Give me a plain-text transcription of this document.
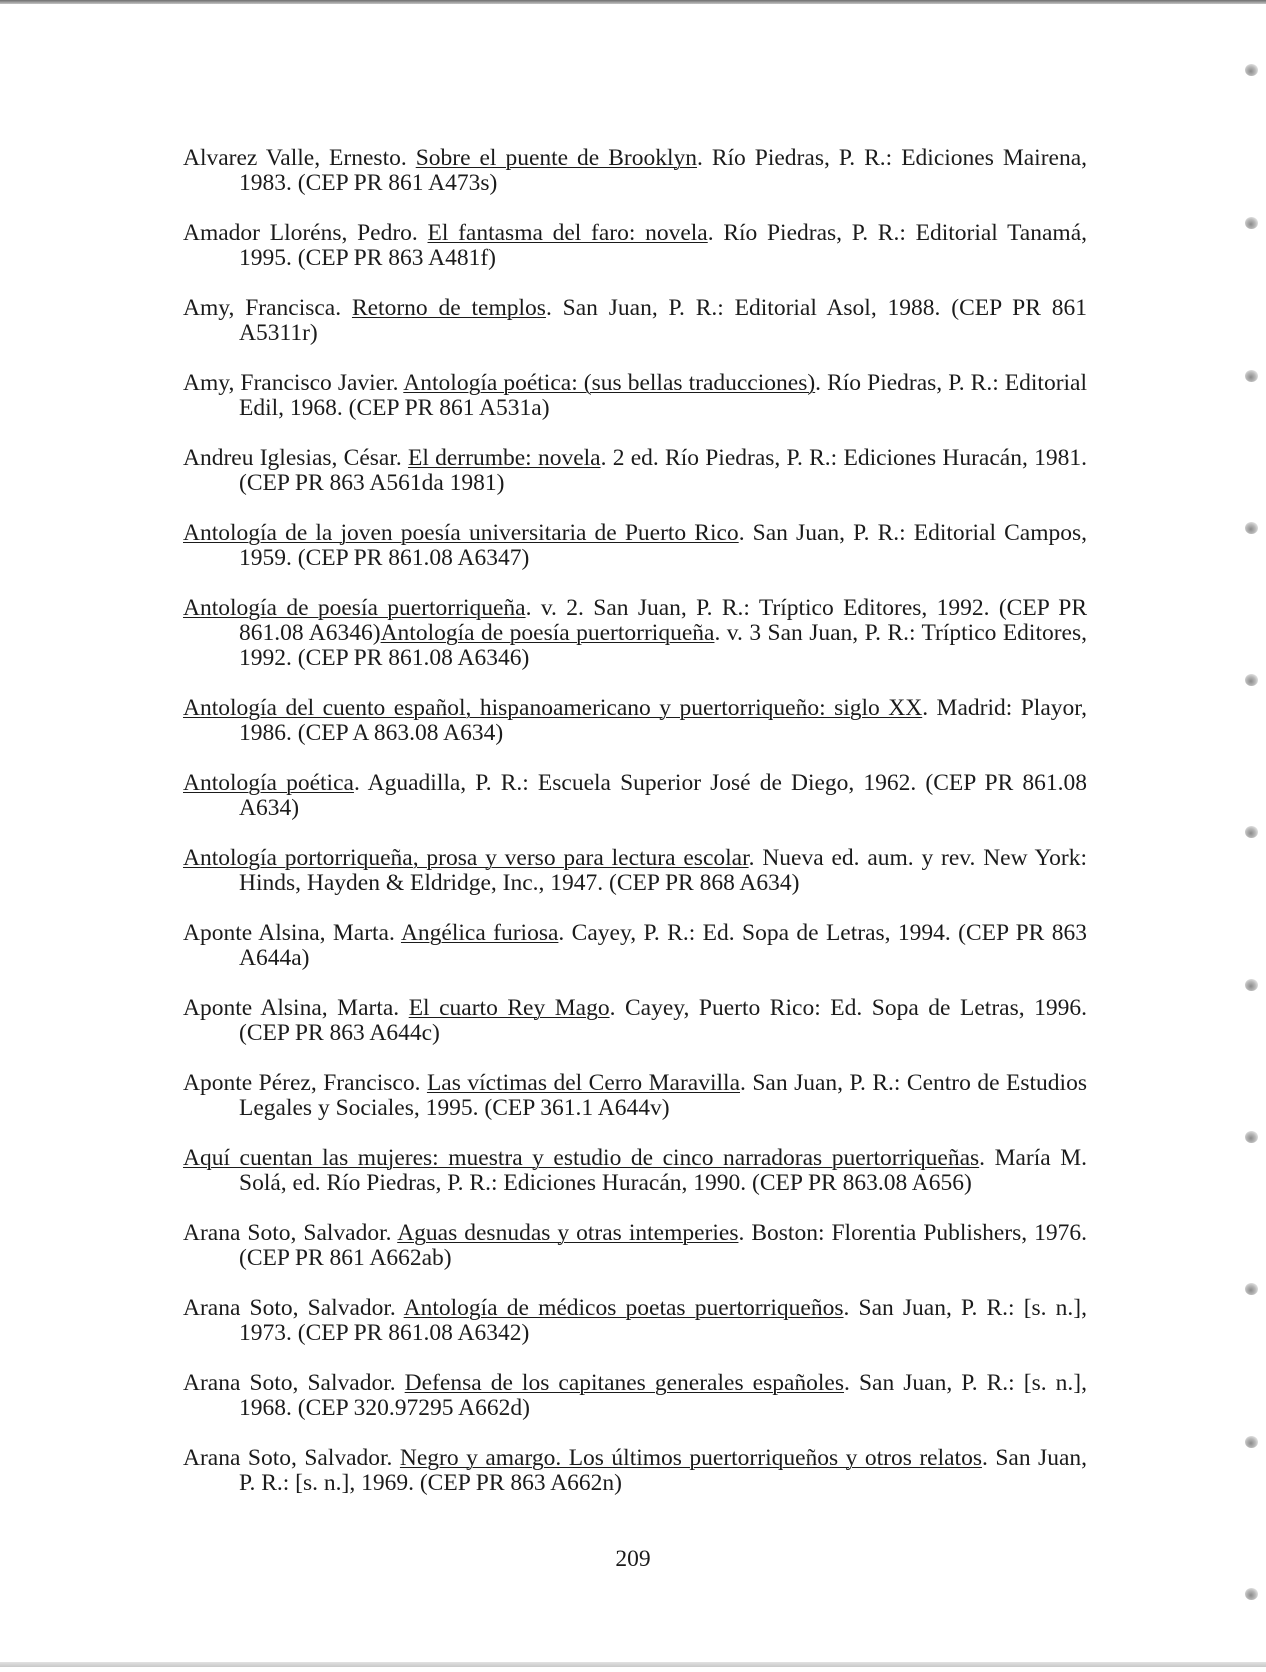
Alvarez Valle, Ernesto. Sobre el puente de Brooklyn. Río Piedras, P. R.: Ediciones Mairena, 1983. (CEP PR 861 A473s)

Amador Lloréns, Pedro. El fantasma del faro: novela. Río Piedras, P. R.: Editorial Tanamá, 1995. (CEP PR 863 A481f)

Amy, Francisca. Retorno de templos. San Juan, P. R.: Editorial Asol, 1988. (CEP PR 861 A5311r)

Amy, Francisco Javier. Antología poética: (sus bellas traducciones). Río Piedras, P. R.: Editorial Edil, 1968. (CEP PR 861 A531a)

Andreu Iglesias, César. El derrumbe: novela. 2 ed. Río Piedras, P. R.: Ediciones Huracán, 1981. (CEP PR 863 A561da 1981)

Antología de la joven poesía universitaria de Puerto Rico. San Juan, P. R.: Editorial Campos, 1959. (CEP PR 861.08 A6347)

Antología de poesía puertorriqueña. v. 2. San Juan, P. R.: Tríptico Editores, 1992. (CEP PR 861.08 A6346)Antología de poesía puertorriqueña. v. 3 San Juan, P. R.: Tríptico Editores, 1992. (CEP PR 861.08 A6346)

Antología del cuento español, hispanoamericano y puertorriqueño: siglo XX. Madrid: Playor, 1986. (CEP A 863.08 A634)

Antología poética. Aguadilla, P. R.: Escuela Superior José de Diego, 1962. (CEP PR 861.08 A634)

Antología portorriqueña, prosa y verso para lectura escolar. Nueva ed. aum. y rev. New York: Hinds, Hayden & Eldridge, Inc., 1947. (CEP PR 868 A634)

Aponte Alsina, Marta. Angélica furiosa. Cayey, P. R.: Ed. Sopa de Letras, 1994. (CEP PR 863 A644a)

Aponte Alsina, Marta. El cuarto Rey Mago. Cayey, Puerto Rico: Ed. Sopa de Letras, 1996. (CEP PR 863 A644c)

Aponte Pérez, Francisco. Las víctimas del Cerro Maravilla. San Juan, P. R.: Centro de Estudios Legales y Sociales, 1995. (CEP 361.1 A644v)

Aquí cuentan las mujeres: muestra y estudio de cinco narradoras puertorriqueñas. María M. Solá, ed. Río Piedras, P. R.: Ediciones Huracán, 1990. (CEP PR 863.08 A656)

Arana Soto, Salvador. Aguas desnudas y otras intemperies. Boston: Florentia Publishers, 1976. (CEP PR 861 A662ab)

Arana Soto, Salvador. Antología de médicos poetas puertorriqueños. San Juan, P. R.: [s. n.], 1973. (CEP PR 861.08 A6342)

Arana Soto, Salvador. Defensa de los capitanes generales españoles. San Juan, P. R.: [s. n.], 1968. (CEP 320.97295 A662d)

Arana Soto, Salvador. Negro y amargo. Los últimos puertorriqueños y otros relatos. San Juan, P. R.: [s. n.], 1969. (CEP PR 863 A662n)

209
